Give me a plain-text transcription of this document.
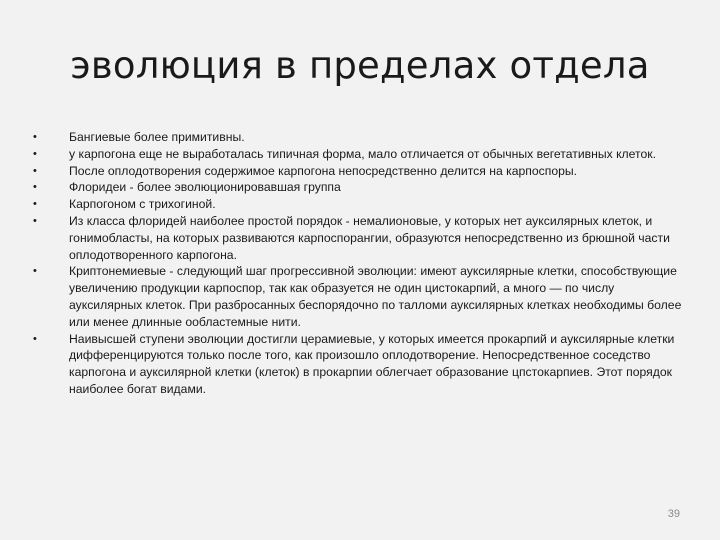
эволюция в пределах отдела
•	Бангиевые более примитивны.
•	у карпогона еще не выработалась типичная форма, мало отличается от обычных вегетативных клеток.
•	После оплодотворения содержимое карпогона непосредственно делится на карпоспоры.
•	Флоридеи - более эволюционировавшая группа
•	Карпогоном с трихогиной.
•	Из класса флоридей наиболее простой порядок - немалионовые, у которых нет ауксилярных клеток, и гонимобласты, на которых развиваются карпоспорангии, образуются непосредственно из брюшной части оплодотворенного карпогона.
•	Криптонемиевые - следующий шаг прогрессивной эволюции: имеют ауксилярные клетки, способствующие увеличению продукции карпоспор, так как образуется не один цистокарпий, а много — по числу ауксилярных клеток. При разбросанных беспорядочно по талломи ауксилярных клетках необходимы более или менее длинные ообластемные нити.
•	Наивысшей ступени эволюции достигли церамиевые, у которых имеется прокарпий и ауксилярные клетки дифференцируются только после того, как произошло оплодотворение. Непосредственное соседство карпогона и ауксилярной клетки (клеток) в прокарпии облегчает образование цпстокарпиев. Этот порядок наиболее богат видами.
39
